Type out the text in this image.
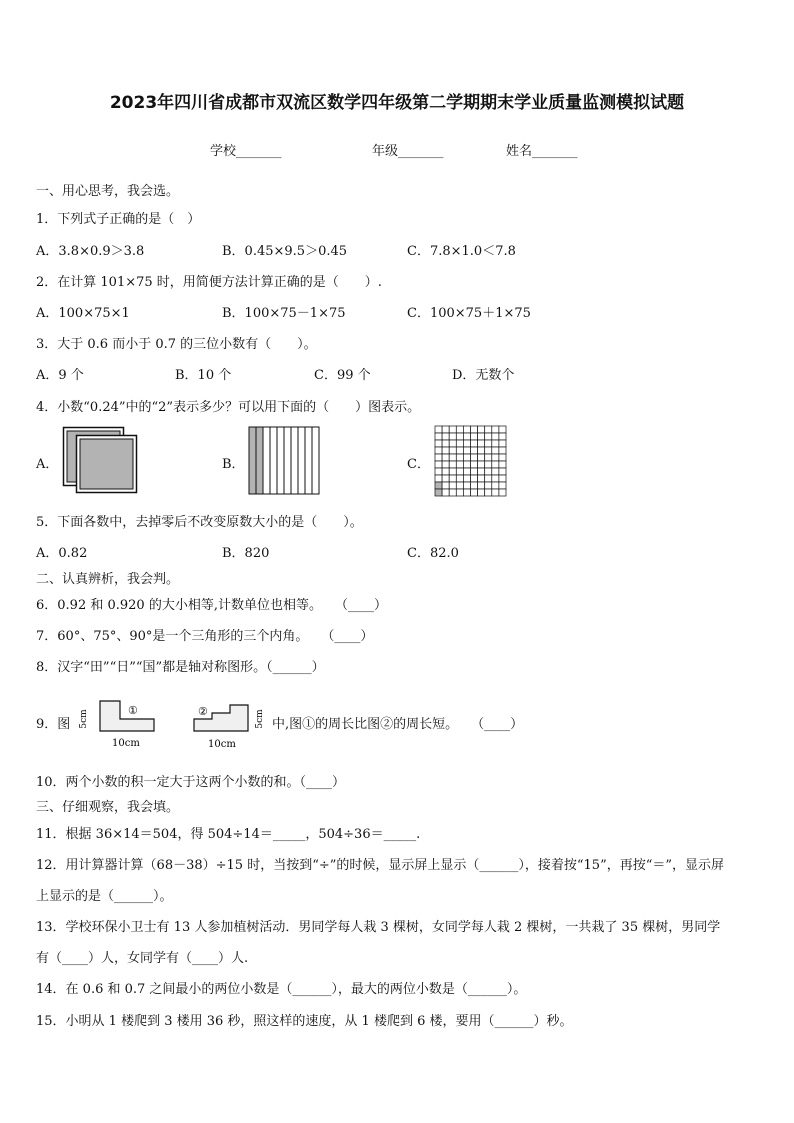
2023年四川省成都市双流区数学四年级第二学期期末学业质量监测模拟试题
学校_______	年级_______	姓名_______
一、用心思考，我会选。
1．下列式子正确的是（　）
A．3.8×0.9＞3.8	B．0.45×9.5＞0.45	C．7.8×1.0＜7.8
2．在计算 101×75 时，用简便方法计算正确的是（　　）.
A．100×75×1	B．100×75－1×75	C．100×75＋1×75
3．大于 0.6 而小于 0.7 的三位小数有（　　）。
A．9 个	B．10 个	C．99 个	D．无数个
4．小数“0.24”中的“2”表示多少？可以用下面的（　　）图表示。
A．	B．	C．
5．下面各数中，去掉零后不改变原数大小的是（　　）。
A．0.82	B．820	C．82.0
二、认真辨析，我会判。
6．0.92 和 0.920 的大小相等,计数单位也相等。　　（____）
7．60°、75°、90°是一个三角形的三个内角。　　（____）
8．汉字“田”“日”“国”都是轴对称图形。（______）
9．图
①
5cm
10cm
②	5cm
10cm
中,图①的周长比图②的周长短。　　（____）
10．两个小数的积一定大于这两个小数的和。（____）
三、仔细观察，我会填。
11．根据 36×14＝504，得 504÷14＝_____，504÷36＝_____.
12．用计算器计算（68－38）÷15 时，当按到“÷”的时候，显示屏上显示（______），接着按“15”，再按“＝”，显示屏
上显示的是（______）。
13．学校环保小卫士有 13 人参加植树活动．男同学每人栽 3 棵树，女同学每人栽 2 棵树，一共栽了 35 棵树，男同学
有（____）人，女同学有（____）人.
14．在 0.6 和 0.7 之间最小的两位小数是（______），最大的两位小数是（______）。
15．小明从 1 楼爬到 3 楼用 36 秒，照这样的速度，从 1 楼爬到 6 楼，要用（______）秒。
